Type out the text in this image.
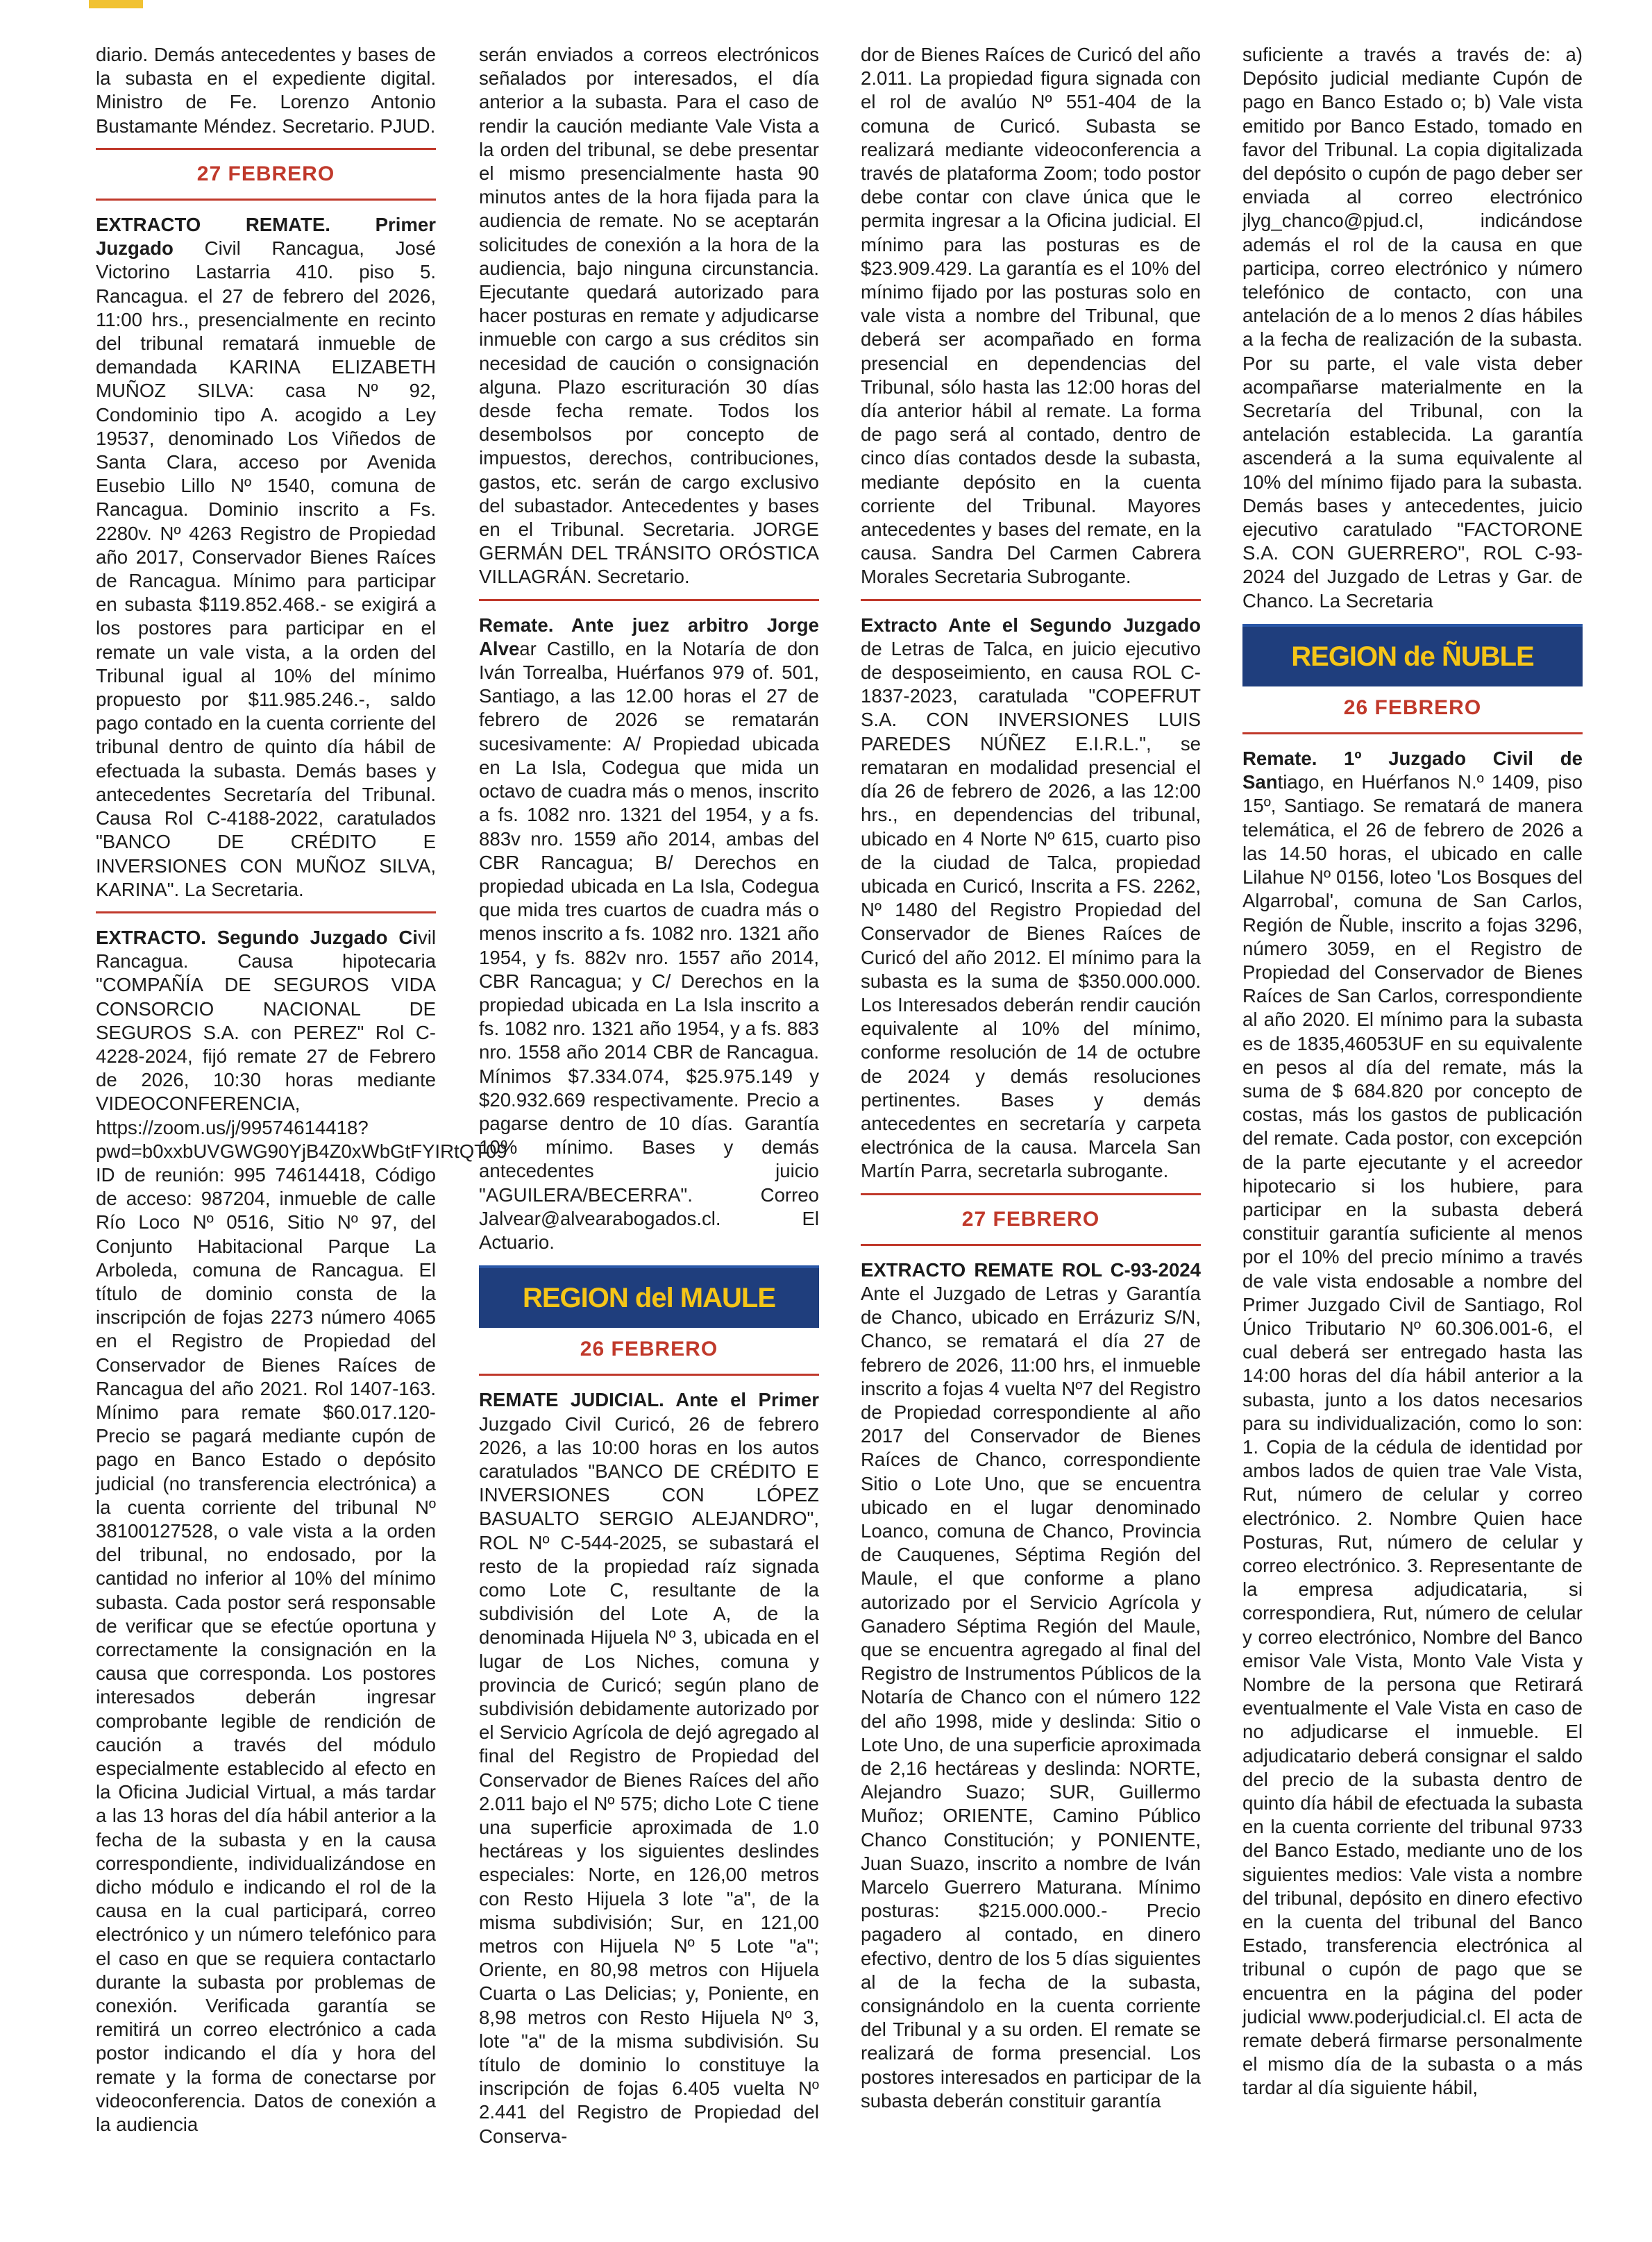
diario. Demás antecedentes y bases de la subasta en el expediente digital. Ministro de Fe. Lorenzo Antonio Bustamante Méndez. Secretario. PJUD.

27 FEBRERO

EXTRACTO REMATE. Primer Juzgado Civil Rancagua, José Victorino Lastarria 410. piso 5. Rancagua. el 27 de febrero del 2026, 11:00 hrs., presencialmente en recinto del tribunal rematará inmueble de demandada KARINA ELIZABETH MUÑOZ SILVA: casa Nº 92, Condominio tipo A. acogido a Ley 19537, denominado Los Viñedos de Santa Clara, acceso por Avenida Eusebio Lillo Nº 1540, comuna de Rancagua. Dominio inscrito a Fs. 2280v. Nº 4263 Registro de Propiedad año 2017, Conservador Bienes Raíces de Rancagua. Mínimo para participar en subasta $119.852.468.- se exigirá a los postores para participar en el remate un vale vista, a la orden del Tribunal igual al 10% del mínimo propuesto por $11.985.246.-, saldo pago contado en la cuenta corriente del tribunal dentro de quinto día hábil de efectuada la subasta. Demás bases y antecedentes Secretaría del Tribunal. Causa Rol C-4188-2022, caratulados "BANCO DE CRÉDITO E INVERSIONES CON MUÑOZ SILVA, KARINA". La Secretaria.

EXTRACTO. Segundo Juzgado Civil Rancagua. Causa hipotecaria "COMPAÑÍA DE SEGUROS VIDA CONSORCIO NACIONAL DE SEGUROS S.A. con PEREZ" Rol C-4228-2024, fijó remate 27 de Febrero de 2026, 10:30 horas mediante VIDEOCONFERENCIA, https://zoom.us/j/99574614418?pwd=b0xxbUVGWG90YjB4Z0xWbGtFYIRtQT09 ID de reunión: 995 74614418, Código de acceso: 987204, inmueble de calle Río Loco Nº 0516, Sitio Nº 97, del Conjunto Habitacional Parque La Arboleda, comuna de Rancagua. El título de dominio consta de la inscripción de fojas 2273 número 4065 en el Registro de Propiedad del Conservador de Bienes Raíces de Rancagua del año 2021. Rol 1407-163. Mínimo para remate $60.017.120- Precio se pagará mediante cupón de pago en Banco Estado o depósito judicial (no transferencia electrónica) a la cuenta corriente del tribunal Nº 38100127528, o vale vista a la orden del tribunal, no endosado, por la cantidad no inferior al 10% del mínimo subasta. Cada postor será responsable de verificar que se efectúe oportuna y correctamente la consignación en la causa que corresponda. Los postores interesados deberán ingresar comprobante legible de rendición de caución a través del módulo especialmente establecido al efecto en la Oficina Judicial Virtual, a más tardar a las 13 horas del día hábil anterior a la fecha de la subasta y en la causa correspondiente, individualizándose en dicho módulo e indicando el rol de la causa en la cual participará, correo electrónico y un número telefónico para el caso en que se requiera contactarlo durante la subasta por problemas de conexión. Verificada garantía se remitirá un correo electrónico a cada postor indicando el día y hora del remate y la forma de conectarse por videoconferencia. Datos de conexión a la audiencia

serán enviados a correos electrónicos señalados por interesados, el día anterior a la subasta. Para el caso de rendir la caución mediante Vale Vista a la orden del tribunal, se debe presentar el mismo presencialmente hasta 90 minutos antes de la hora fijada para la audiencia de remate. No se aceptarán solicitudes de conexión a la hora de la audiencia, bajo ninguna circunstancia. Ejecutante quedará autorizado para hacer posturas en remate y adjudicarse inmueble con cargo a sus créditos sin necesidad de caución o consignación alguna. Plazo escrituración 30 días desde fecha remate. Todos los desembolsos por concepto de impuestos, derechos, contribuciones, gastos, etc. serán de cargo exclusivo del subastador. Antecedentes y bases en el Tribunal. Secretaria. JORGE GERMÁN DEL TRÁNSITO ORÓSTICA VILLAGRÁN. Secretario.

Remate. Ante juez arbitro Jorge Alvear Castillo, en la Notaría de don Iván Torrealba, Huérfanos 979 of. 501, Santiago, a las 12.00 horas el 27 de febrero de 2026 se rematarán sucesivamente: A/ Propiedad ubicada en La Isla, Codegua que mida un octavo de cuadra más o menos, inscrito a fs. 1082 nro. 1321 del 1954, y a fs. 883v nro. 1559 año 2014, ambas del CBR Rancagua; B/ Derechos en propiedad ubicada en La Isla, Codegua que mida tres cuartos de cuadra más o menos inscrito a fs. 1082 nro. 1321 año 1954, y fs. 882v nro. 1557 año 2014, CBR Rancagua; y C/ Derechos en la propiedad ubicada en La Isla inscrito a fs. 1082 nro. 1321 año 1954, y a fs. 883 nro. 1558 año 2014 CBR de Rancagua. Mínimos $7.334.074, $25.975.149 y $20.932.669 respectivamente. Precio a pagarse dentro de 10 días. Garantía 10% mínimo. Bases y demás antecedentes juicio "AGUILERA/BECERRA". Correo Jalvear@alvearabogados.cl. El Actuario.

REGION del MAULE
26 FEBRERO

REMATE JUDICIAL. Ante el Primer Juzgado Civil Curicó, 26 de febrero 2026, a las 10:00 horas en los autos caratulados "BANCO DE CRÉDITO E INVERSIONES CON LÓPEZ BASUALTO SERGIO ALEJANDRO", ROL Nº C-544-2025, se subastará el resto de la propiedad raíz signada como Lote C, resultante de la subdivisión del Lote A, de la denominada Hijuela Nº 3, ubicada en el lugar de Los Niches, comuna y provincia de Curicó; según plano de subdivisión debidamente autorizado por el Servicio Agrícola de dejó agregado al final del Registro de Propiedad del Conservador de Bienes Raíces del año 2.011 bajo el Nº 575; dicho Lote C tiene una superficie aproximada de 1.0 hectáreas y los siguientes deslindes especiales: Norte, en 126,00 metros con Resto Hijuela 3 lote "a", de la misma subdivisión; Sur, en 121,00 metros con Hijuela Nº 5 Lote "a"; Oriente, en 80,98 metros con Hijuela Cuarta o Las Delicias; y, Poniente, en 8,98 metros con Resto Hijuela Nº 3, lote "a" de la misma subdivisión. Su título de dominio lo constituye la inscripción de fojas 6.405 vuelta Nº 2.441 del Registro de Propiedad del Conserva-

dor de Bienes Raíces de Curicó del año 2.011. La propiedad figura signada con el rol de avalúo Nº 551-404 de la comuna de Curicó. Subasta se realizará mediante videoconferencia a través de plataforma Zoom; todo postor debe contar con clave única que le permita ingresar a la Oficina judicial. El mínimo para las posturas es de $23.909.429. La garantía es el 10% del mínimo fijado por las posturas solo en vale vista a nombre del Tribunal, que deberá ser acompañado en forma presencial en dependencias del Tribunal, sólo hasta las 12:00 horas del día anterior hábil al remate. La forma de pago será al contado, dentro de cinco días contados desde la subasta, mediante depósito en la cuenta corriente del Tribunal. Mayores antecedentes y bases del remate, en la causa. Sandra Del Carmen Cabrera Morales Secretaria Subrogante.

Extracto Ante el Segundo Juzgado de Letras de Talca, en juicio ejecutivo de desposeimiento, en causa ROL C-1837-2023, caratulada "COPEFRUT S.A. CON INVERSIONES LUIS PAREDES NÚÑEZ E.I.R.L.", se remataran en modalidad presencial el día 26 de febrero de 2026, a las 12:00 hrs., en dependencias del tribunal, ubicado en 4 Norte Nº 615, cuarto piso de la ciudad de Talca, propiedad ubicada en Curicó, Inscrita a FS. 2262, Nº 1480 del Registro Propiedad del Conservador de Bienes Raíces de Curicó del año 2012. El mínimo para la subasta es la suma de $350.000.000. Los Interesados deberán rendir caución equivalente al 10% del mínimo, conforme resolución de 14 de octubre de 2024 y demás resoluciones pertinentes. Bases y demás antecedentes en secretaría y carpeta electrónica de la causa. Marcela San Martín Parra, secretarla subrogante.

27 FEBRERO

EXTRACTO REMATE ROL C-93-2024 Ante el Juzgado de Letras y Garantía de Chanco, ubicado en Errázuriz S/N, Chanco, se rematará el día 27 de febrero de 2026, 11:00 hrs, el inmueble inscrito a fojas 4 vuelta Nº7 del Registro de Propiedad correspondiente al año 2017 del Conservador de Bienes Raíces de Chanco, correspondiente Sitio o Lote Uno, que se encuentra ubicado en el lugar denominado Loanco, comuna de Chanco, Provincia de Cauquenes, Séptima Región del Maule, el que conforme a plano autorizado por el Servicio Agrícola y Ganadero Séptima Región del Maule, que se encuentra agregado al final del Registro de Instrumentos Públicos de la Notaría de Chanco con el número 122 del año 1998, mide y deslinda: Sitio o Lote Uno, de una superficie aproximada de 2,16 hectáreas y deslinda: NORTE, Alejandro Suazo; SUR, Guillermo Muñoz; ORIENTE, Camino Público Chanco Constitución; y PONIENTE, Juan Suazo, inscrito a nombre de Iván Marcelo Guerrero Maturana. Mínimo posturas: $215.000.000.- Precio pagadero al contado, en dinero efectivo, dentro de los 5 días siguientes al de la fecha de la subasta, consignándolo en la cuenta corriente del Tribunal y a su orden. El remate se realizará de forma presencial. Los postores interesados en participar de la subasta deberán constituir garantía

suficiente a través a través de: a) Depósito judicial mediante Cupón de pago en Banco Estado o; b) Vale vista emitido por Banco Estado, tomado en favor del Tribunal. La copia digitalizada del depósito o cupón de pago deber ser enviada al correo electrónico jlyg_chanco@pjud.cl, indicándose además el rol de la causa en que participa, correo electrónico y número telefónico de contacto, con una antelación de a lo menos 2 días hábiles a la fecha de realización de la subasta. Por su parte, el vale vista deber acompañarse materialmente en la Secretaría del Tribunal, con la antelación establecida. La garantía ascenderá a la suma equivalente al 10% del mínimo fijado para la subasta. Demás bases y antecedentes, juicio ejecutivo caratulado "FACTORONE S.A. CON GUERRERO", ROL C-93-2024 del Juzgado de Letras y Gar. de Chanco. La Secretaria

REGION de ÑUBLE
26 FEBRERO

Remate. 1º Juzgado Civil de Santiago, en Huérfanos N.º 1409, piso 15º, Santiago. Se rematará de manera telemática, el 26 de febrero de 2026 a las 14.50 horas, el ubicado en calle Lilahue Nº 0156, loteo 'Los Bosques del Algarrobal', comuna de San Carlos, Región de Ñuble, inscrito a fojas 3296, número 3059, en el Registro de Propiedad del Conservador de Bienes Raíces de San Carlos, correspondiente al año 2020. El mínimo para la subasta es de 1835,46053UF en su equivalente en pesos al día del remate, más la suma de $ 684.820 por concepto de costas, más los gastos de publicación del remate. Cada postor, con excepción de la parte ejecutante y el acreedor hipotecario si los hubiere, para participar en la subasta deberá constituir garantía suficiente al menos por el 10% del precio mínimo a través de vale vista endosable a nombre del Primer Juzgado Civil de Santiago, Rol Único Tributario Nº 60.306.001-6, el cual deberá ser entregado hasta las 14:00 horas del día hábil anterior a la subasta, junto a los datos necesarios para su individualización, como lo son: 1. Copia de la cédula de identidad por ambos lados de quien trae Vale Vista, Rut, número de celular y correo electrónico. 2. Nombre Quien hace Posturas, Rut, número de celular y correo electrónico. 3. Representante de la empresa adjudicataria, si correspondiera, Rut, número de celular y correo electrónico, Nombre del Banco emisor Vale Vista, Monto Vale Vista y Nombre de la persona que Retirará eventualmente el Vale Vista en caso de no adjudicarse el inmueble. El adjudicatario deberá consignar el saldo del precio de la subasta dentro de quinto día hábil de efectuada la subasta en la cuenta corriente del tribunal 9733 del Banco Estado, mediante uno de los siguientes medios: Vale vista a nombre del tribunal, depósito en dinero efectivo en la cuenta del tribunal del Banco Estado, transferencia electrónica al tribunal o cupón de pago que se encuentra en la página del poder judicial www.poderjudicial.cl. El acta de remate deberá firmarse personalmente el mismo día de la subasta o a más tardar al día siguiente hábil,
